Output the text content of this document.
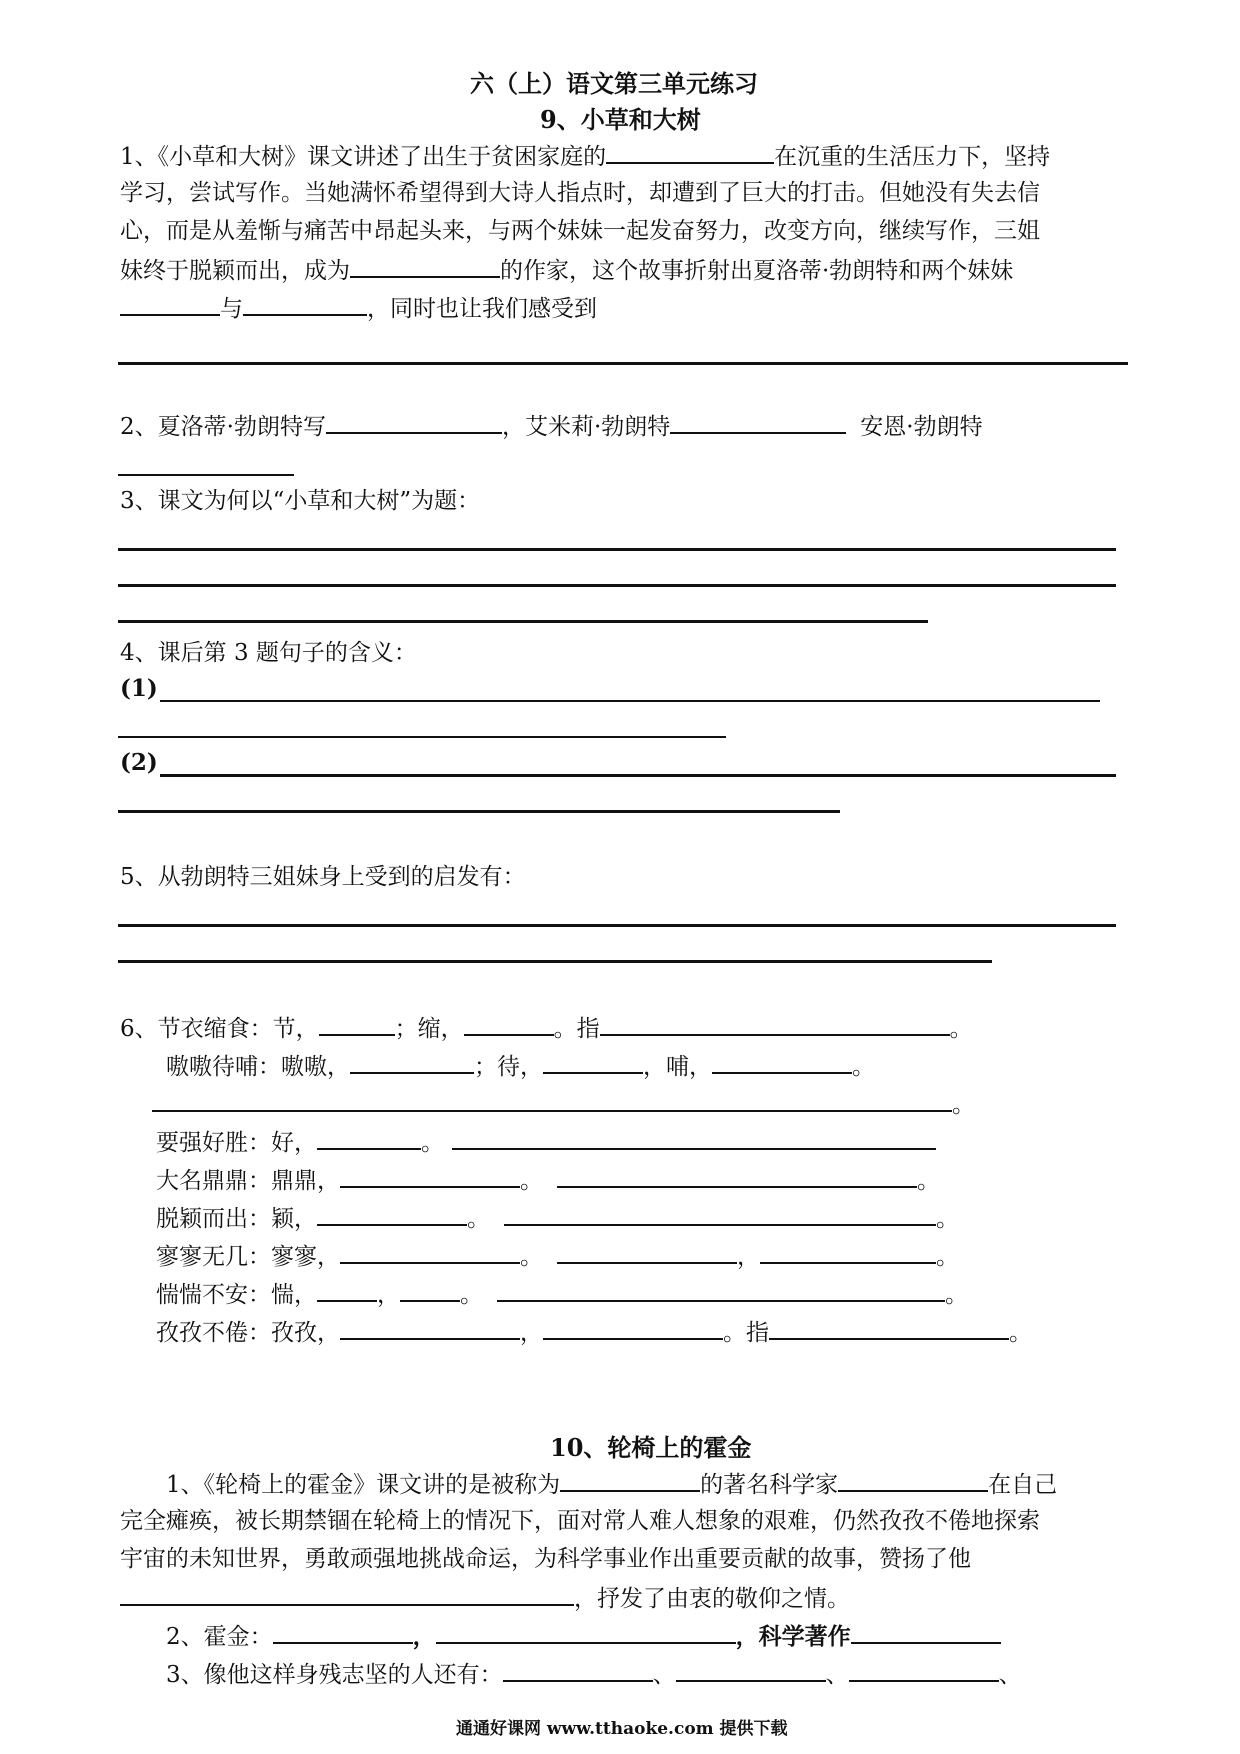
六（上）语文第三单元练习
9、小草和大树
1、《小草和大树》课文讲述了出生于贫困家庭的	在沉重的生活压力下，坚持
学习，尝试写作。当她满怀希望得到大诗人指点时，却遭到了巨大的打击。但她没有失去信
心，而是从羞惭与痛苦中昂起头来，与两个妹妹一起发奋努力，改变方向，继续写作，三姐
妹终于脱颖而出，成为	的作家，这个故事折射出夏洛蒂·勃朗特和两个妹妹
与	，同时也让我们感受到
2、夏洛蒂·勃朗特写	，艾米莉·勃朗特	安恩·勃朗特
3、课文为何以“小草和大树”为题：
4、课后第 3 题句子的含义：
(1)
(2)
5、从勃朗特三姐妹身上受到的启发有：
6、节衣缩食：节，	；缩，	。指	。
嗷嗷待哺：嗷嗷，	；待，	，哺，	。
。
要强好胜：好，	。
大名鼎鼎：鼎鼎，	。	。
脱颖而出：颖，	。	。
寥寥无几：寥寥，	。	，	。
惴惴不安：惴，	，	。	。
孜孜不倦：孜孜，	，	。指	。
10、轮椅上的霍金
1、《轮椅上的霍金》课文讲的是被称为	的著名科学家	在自己
完全瘫痪，被长期禁锢在轮椅上的情况下，面对常人难人想象的艰难，仍然孜孜不倦地探索
宇宙的未知世界，勇敢顽强地挑战命运，为科学事业作出重要贡献的故事，赞扬了他
，抒发了由衷的敬仰之情。
2、霍金：	，	，科学著作
3、像他这样身残志坚的人还有：	、	、	、
通通好课网 www.tthaoke.com 提供下载
